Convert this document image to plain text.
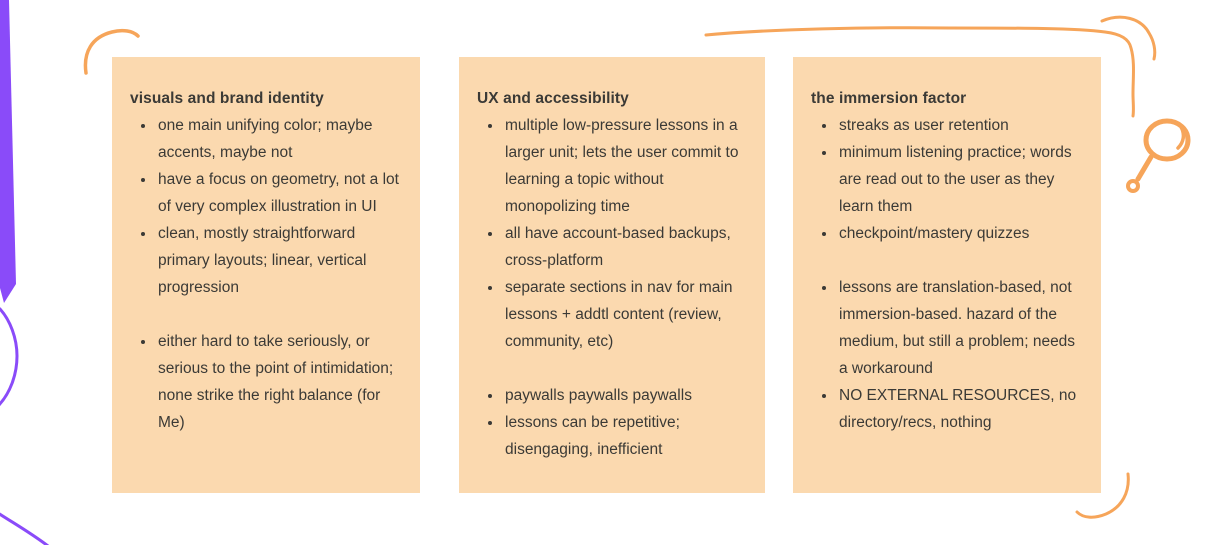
visuals and brand identity
• one main unifying color; maybe accents, maybe not
• have a focus on geometry, not a lot of very complex illustration in UI
• clean, mostly straightforward primary layouts; linear, vertical progression
• either hard to take seriously, or serious to the point of intimidation; none strike the right balance (for Me)
UX and accessibility
• multiple low-pressure lessons in a larger unit; lets the user commit to learning a topic without monopolizing time
• all have account-based backups, cross-platform
• separate sections in nav for main lessons + addtl content (review, community, etc)
• paywalls paywalls paywalls
• lessons can be repetitive; disengaging, inefficient
the immersion factor
• streaks as user retention
• minimum listening practice; words are read out to the user as they learn them
• checkpoint/mastery quizzes
• lessons are translation-based, not immersion-based. hazard of the medium, but still a problem; needs a workaround
• NO EXTERNAL RESOURCES, no directory/recs, nothing
